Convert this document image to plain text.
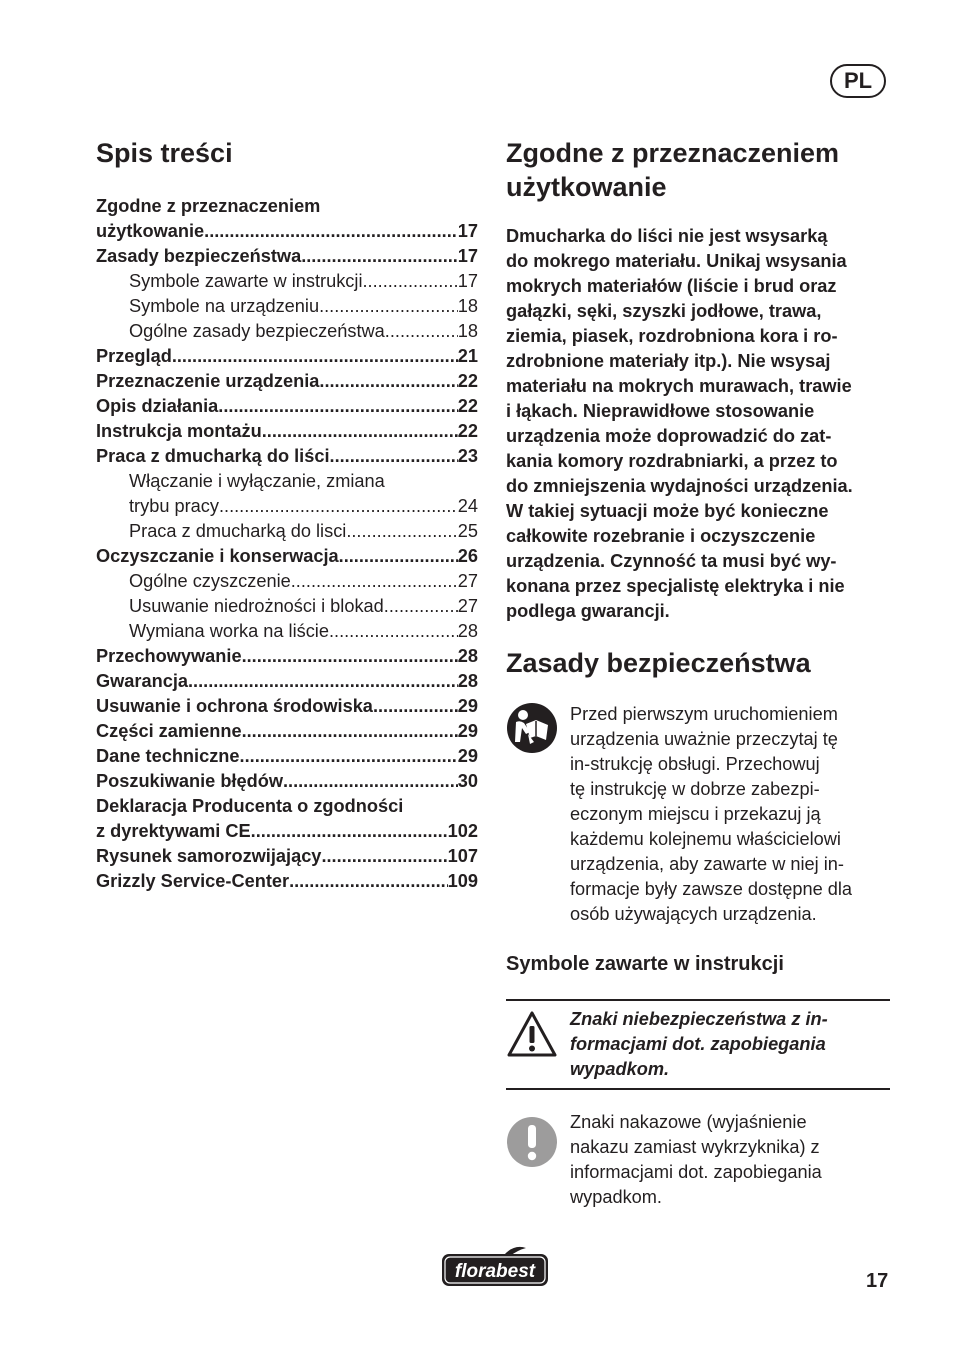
PL
Spis treści
Zgodne z przeznaczeniem
użytkowanie .....	17
Zasady bezpieczeństwa .....	17
Symbole zawarte w instrukcji .....	17
Symbole na urządzeniu .....	18
Ogólne zasady bezpieczeństwa .....	18
Przegląd .....	21
Przeznaczenie urządzenia .....	22
Opis działania .....	22
Instrukcja montażu .....	22
Praca z dmucharką do liści .....	23
Włączanie i wyłączanie, zmiana
trybu pracy .....	24
Praca z dmucharką do lisci .....	25
Oczyszczanie i konserwacja .....	26
Ogólne czyszczenie .....	27
Usuwanie niedrożności i blokad .....	27
Wymiana worka na liście .....	28
Przechowywanie .....	28
Gwarancja .....	28
Usuwanie i ochrona środowiska .....	29
Części zamienne .....	29
Dane techniczne .....	29
Poszukiwanie błędów .....	30
Deklaracja Producenta o zgodności
z dyrektywami CE .....	102
Rysunek samorozwijający .....	107
Grizzly Service-Center .....	109
Zgodne z przeznaczeniem
użytkowanie
Dmucharka do liści nie jest wsysarką
do mokrego materiału. Unikaj wsysania
mokrych materiałów (liście i brud oraz
gałązki, sęki, szyszki jodłowe, trawa,
ziemia, piasek, rozdrobniona kora i ro-
zdrobnione materiały itp.). Nie wsysaj
materiału na mokrych murawach, trawie
i łąkach. Nieprawidłowe stosowanie
urządzenia może doprowadzić do zat-
kania komory rozdrabniarki, a przez to
do zmniejszenia wydajności urządzenia.
W takiej sytuacji może być konieczne
całkowite rozebranie i oczyszczenie
urządzenia. Czynność ta musi być wy-
konana przez specjalistę elektryka i nie
podlega gwarancji.
Zasady bezpieczeństwa
Przed pierwszym uruchomieniem
urządzenia uważnie przeczytaj tę
in-strukcję obsługi. Przechowuj
tę instrukcję w dobrze zabezpi-
eczonym miejscu i przekazuj ją
każdemu kolejnemu właścicielowi
urządzenia, aby zawarte w niej in-
formacje były zawsze dostępne dla
osób używających urządzenia.
Symbole zawarte w instrukcji
Znaki niebezpieczeństwa z in-
formacjami dot. zapobiegania
wypadkom.
Znaki nakazowe (wyjaśnienie
nakazu zamiast wykrzyknika) z
informacjami dot. zapobiegania
wypadkom.
florabest	17
